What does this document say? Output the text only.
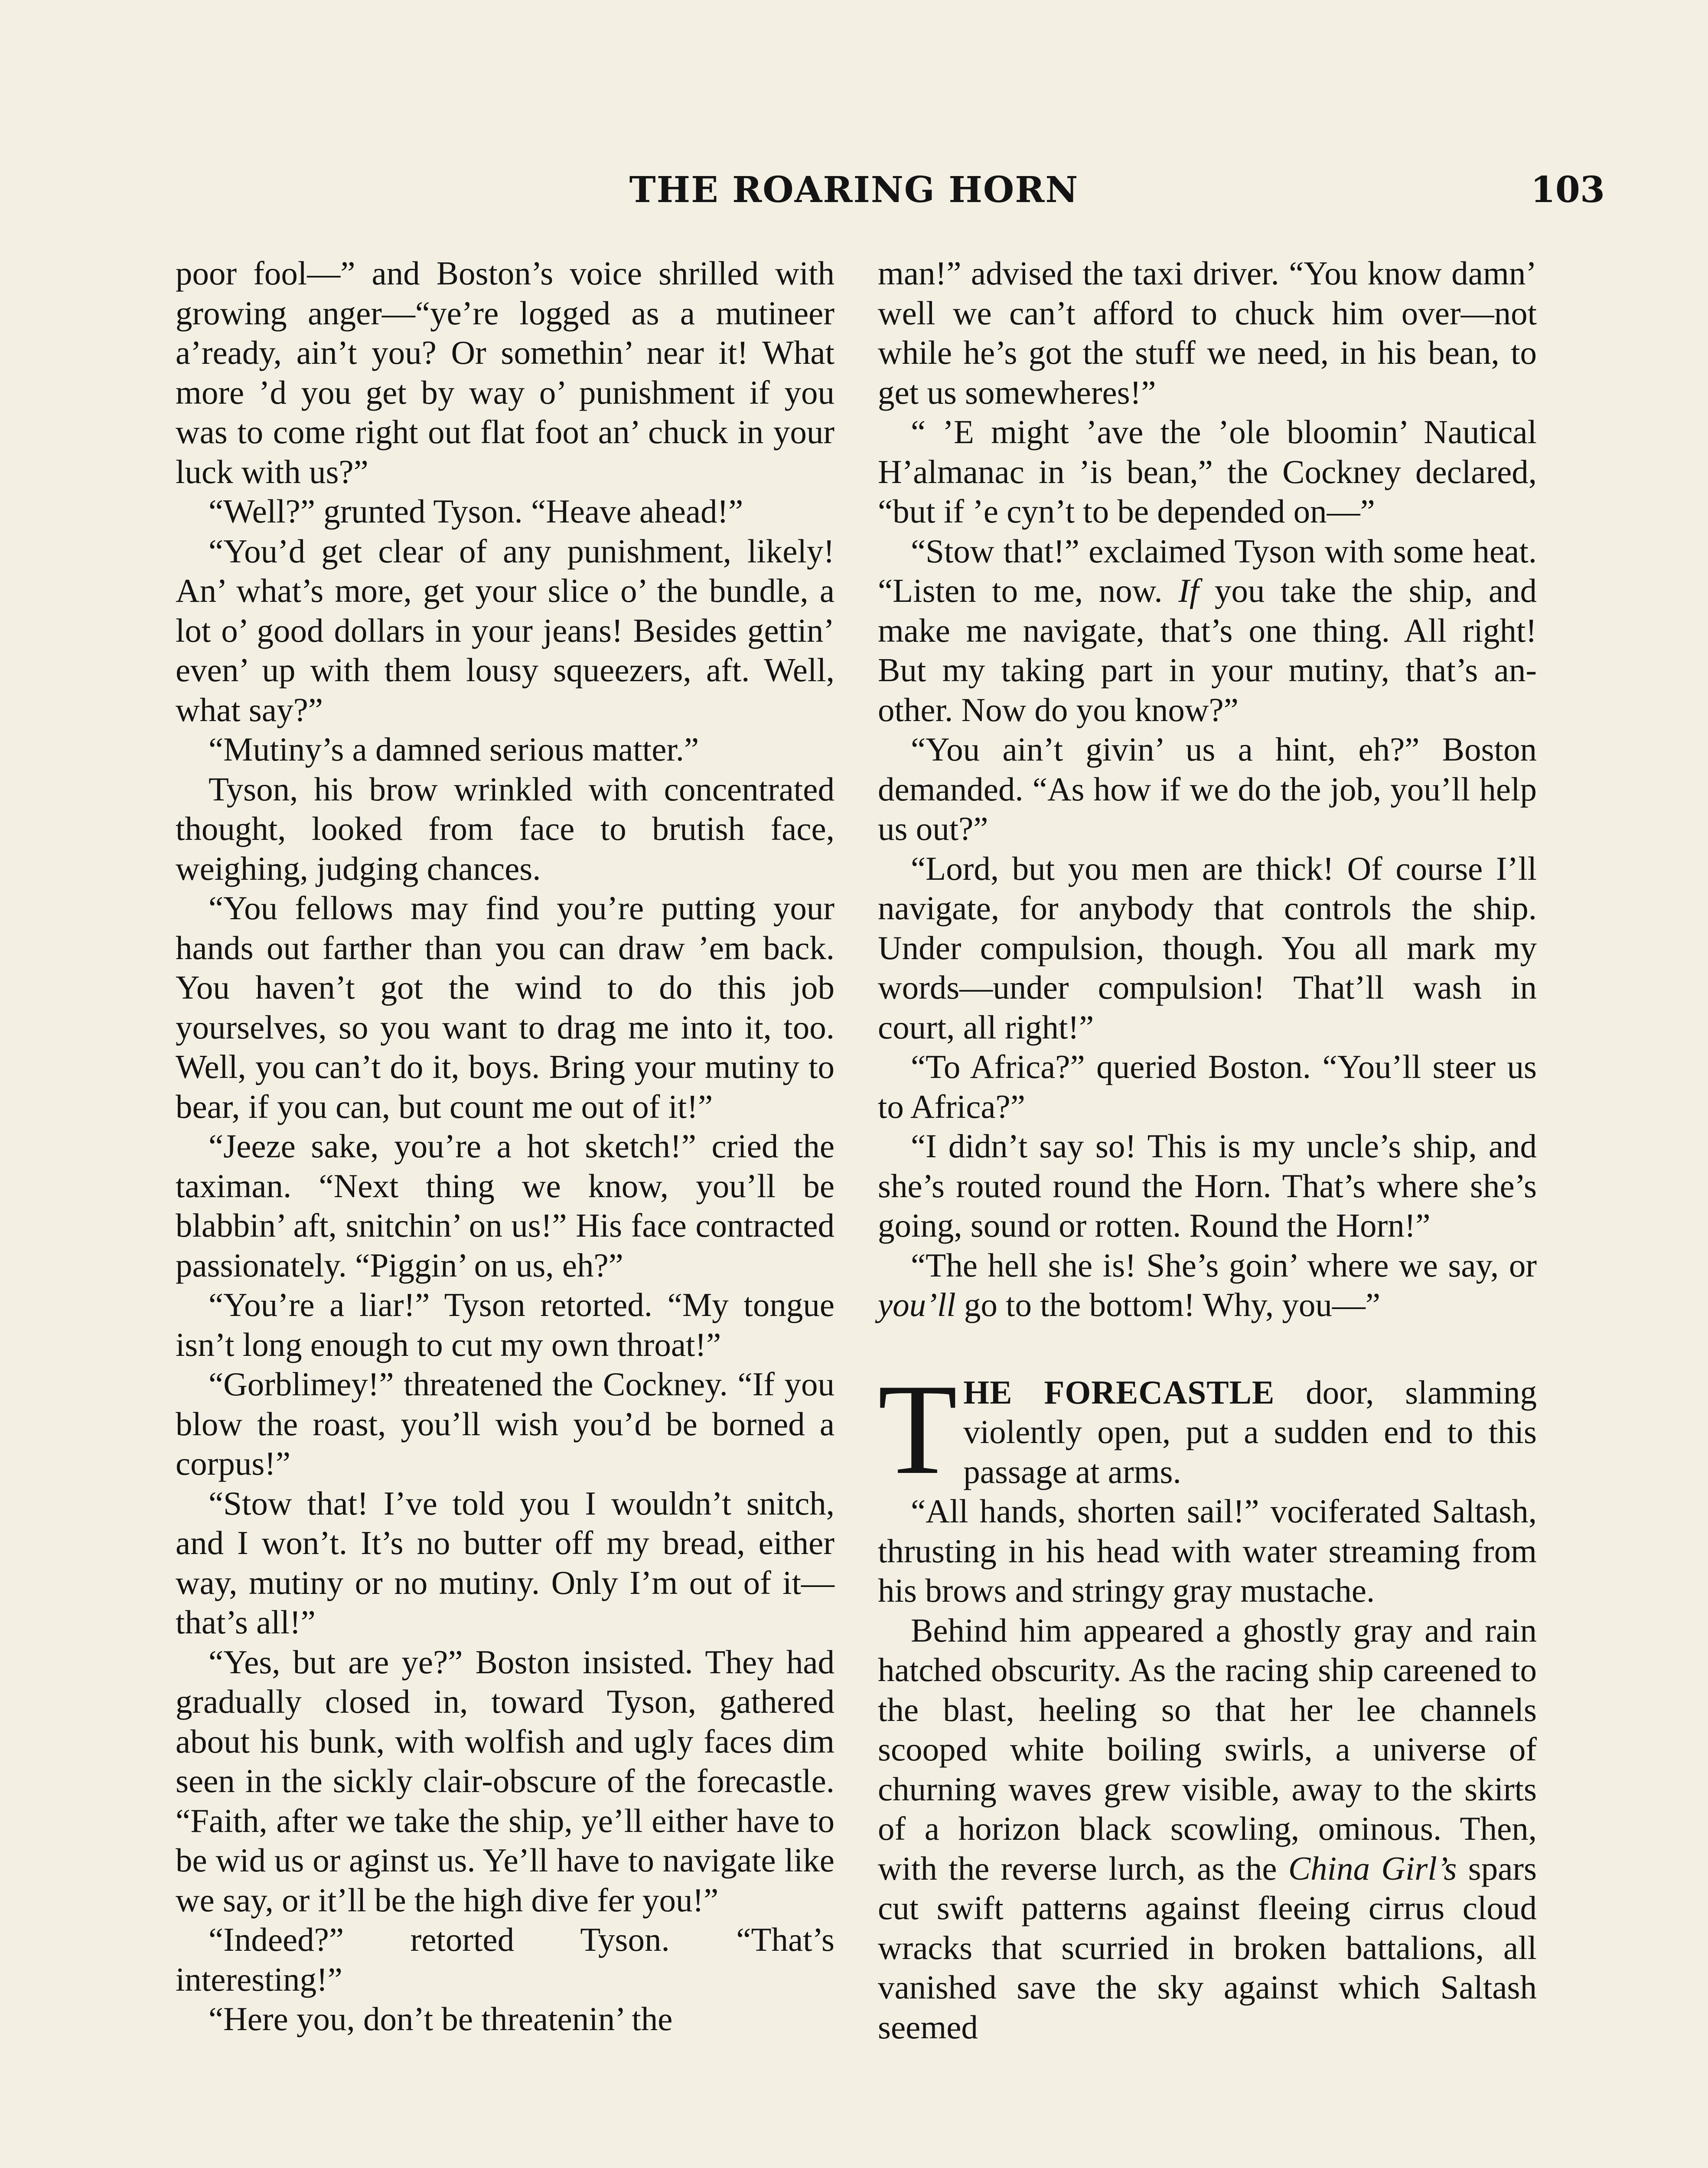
THE ROARING HORN	103

poor fool—” and Boston’s voice shrilled with growing anger—“ye’re logged as a mutineer a’ready, ain’t you? Or somethin’ near it! What more ’d you get by way o’ punishment if you was to come right out flat foot an’ chuck in your luck with us?”

“Well?” grunted Tyson. “Heave ahead!”

“You’d get clear of any punishment, likely! An’ what’s more, get your slice o’ the bundle, a lot o’ good dollars in your jeans! Besides gettin’ even’ up with them lousy squeezers, aft. Well, what say?”

“Mutiny’s a damned serious matter.”

Tyson, his brow wrinkled with concentrated thought, looked from face to brutish face, weighing, judging chances.

“You fellows may find you’re putting your hands out farther than you can draw ’em back. You haven’t got the wind to do this job yourselves, so you want to drag me into it, too. Well, you can’t do it, boys. Bring your mutiny to bear, if you can, but count me out of it!”

“Jeeze sake, you’re a hot sketch!” cried the taximan. “Next thing we know, you’ll be blabbin’ aft, snitchin’ on us!” His face contracted passionately. “Piggin’ on us, eh?”

“You’re a liar!” Tyson retorted. “My tongue isn’t long enough to cut my own throat!”

“Gorblimey!” threatened the Cockney. “If you blow the roast, you’ll wish you’d be borned a corpus!”

“Stow that! I’ve told you I wouldn’t snitch, and I won’t. It’s no butter off my bread, either way, mutiny or no mutiny. Only I’m out of it—that’s all!”

“Yes, but are ye?” Boston insisted. They had gradually closed in, toward Tyson, gathered about his bunk, with wolfish and ugly faces dim seen in the sickly clair-obscure of the forecastle. “Faith, after we take the ship, ye’ll either have to be wid us or aginst us. Ye’ll have to navigate like we say, or it’ll be the high dive fer you!”

“Indeed?” retorted Tyson. “That’s interesting!”

“Here you, don’t be threatenin’ the

man!” advised the taxi driver. “You know damn’ well we can’t afford to chuck him over—not while he’s got the stuff we need, in his bean, to get us somewheres!”

“ ’E might ’ave the ’ole bloomin’ Nautical H’almanac in ’is bean,” the Cockney declared, “but if ’e cyn’t to be depended on—”

“Stow that!” exclaimed Tyson with some heat. “Listen to me, now. If you take the ship, and make me navigate, that’s one thing. All right! But my taking part in your mutiny, that’s another. Now do you know?”

“You ain’t givin’ us a hint, eh?” Boston demanded. “As how if we do the job, you’ll help us out?”

“Lord, but you men are thick! Of course I’ll navigate, for anybody that controls the ship. Under compulsion, though. You all mark my words—under compulsion! That’ll wash in court, all right!”

“To Africa?” queried Boston. “You’ll steer us to Africa?”

“I didn’t say so! This is my uncle’s ship, and she’s routed round the Horn. That’s where she’s going, sound or rotten. Round the Horn!”

“The hell she is! She’s goin’ where we say, or you’ll go to the bottom! Why, you—”

THE FORECASTLE door, slamming violently open, put a sudden end to this passage at arms.

“All hands, shorten sail!” vociferated Saltash, thrusting in his head with water streaming from his brows and stringy gray mustache.

Behind him appeared a ghostly gray and rain hatched obscurity. As the racing ship careened to the blast, heeling so that her lee channels scooped white boiling swirls, a universe of churning waves grew visible, away to the skirts of a horizon black scowling, ominous. Then, with the reverse lurch, as the China Girl’s spars cut swift patterns against fleeing cirrus cloud wracks that scurried in broken battalions, all vanished save the sky against which Saltash seemed
